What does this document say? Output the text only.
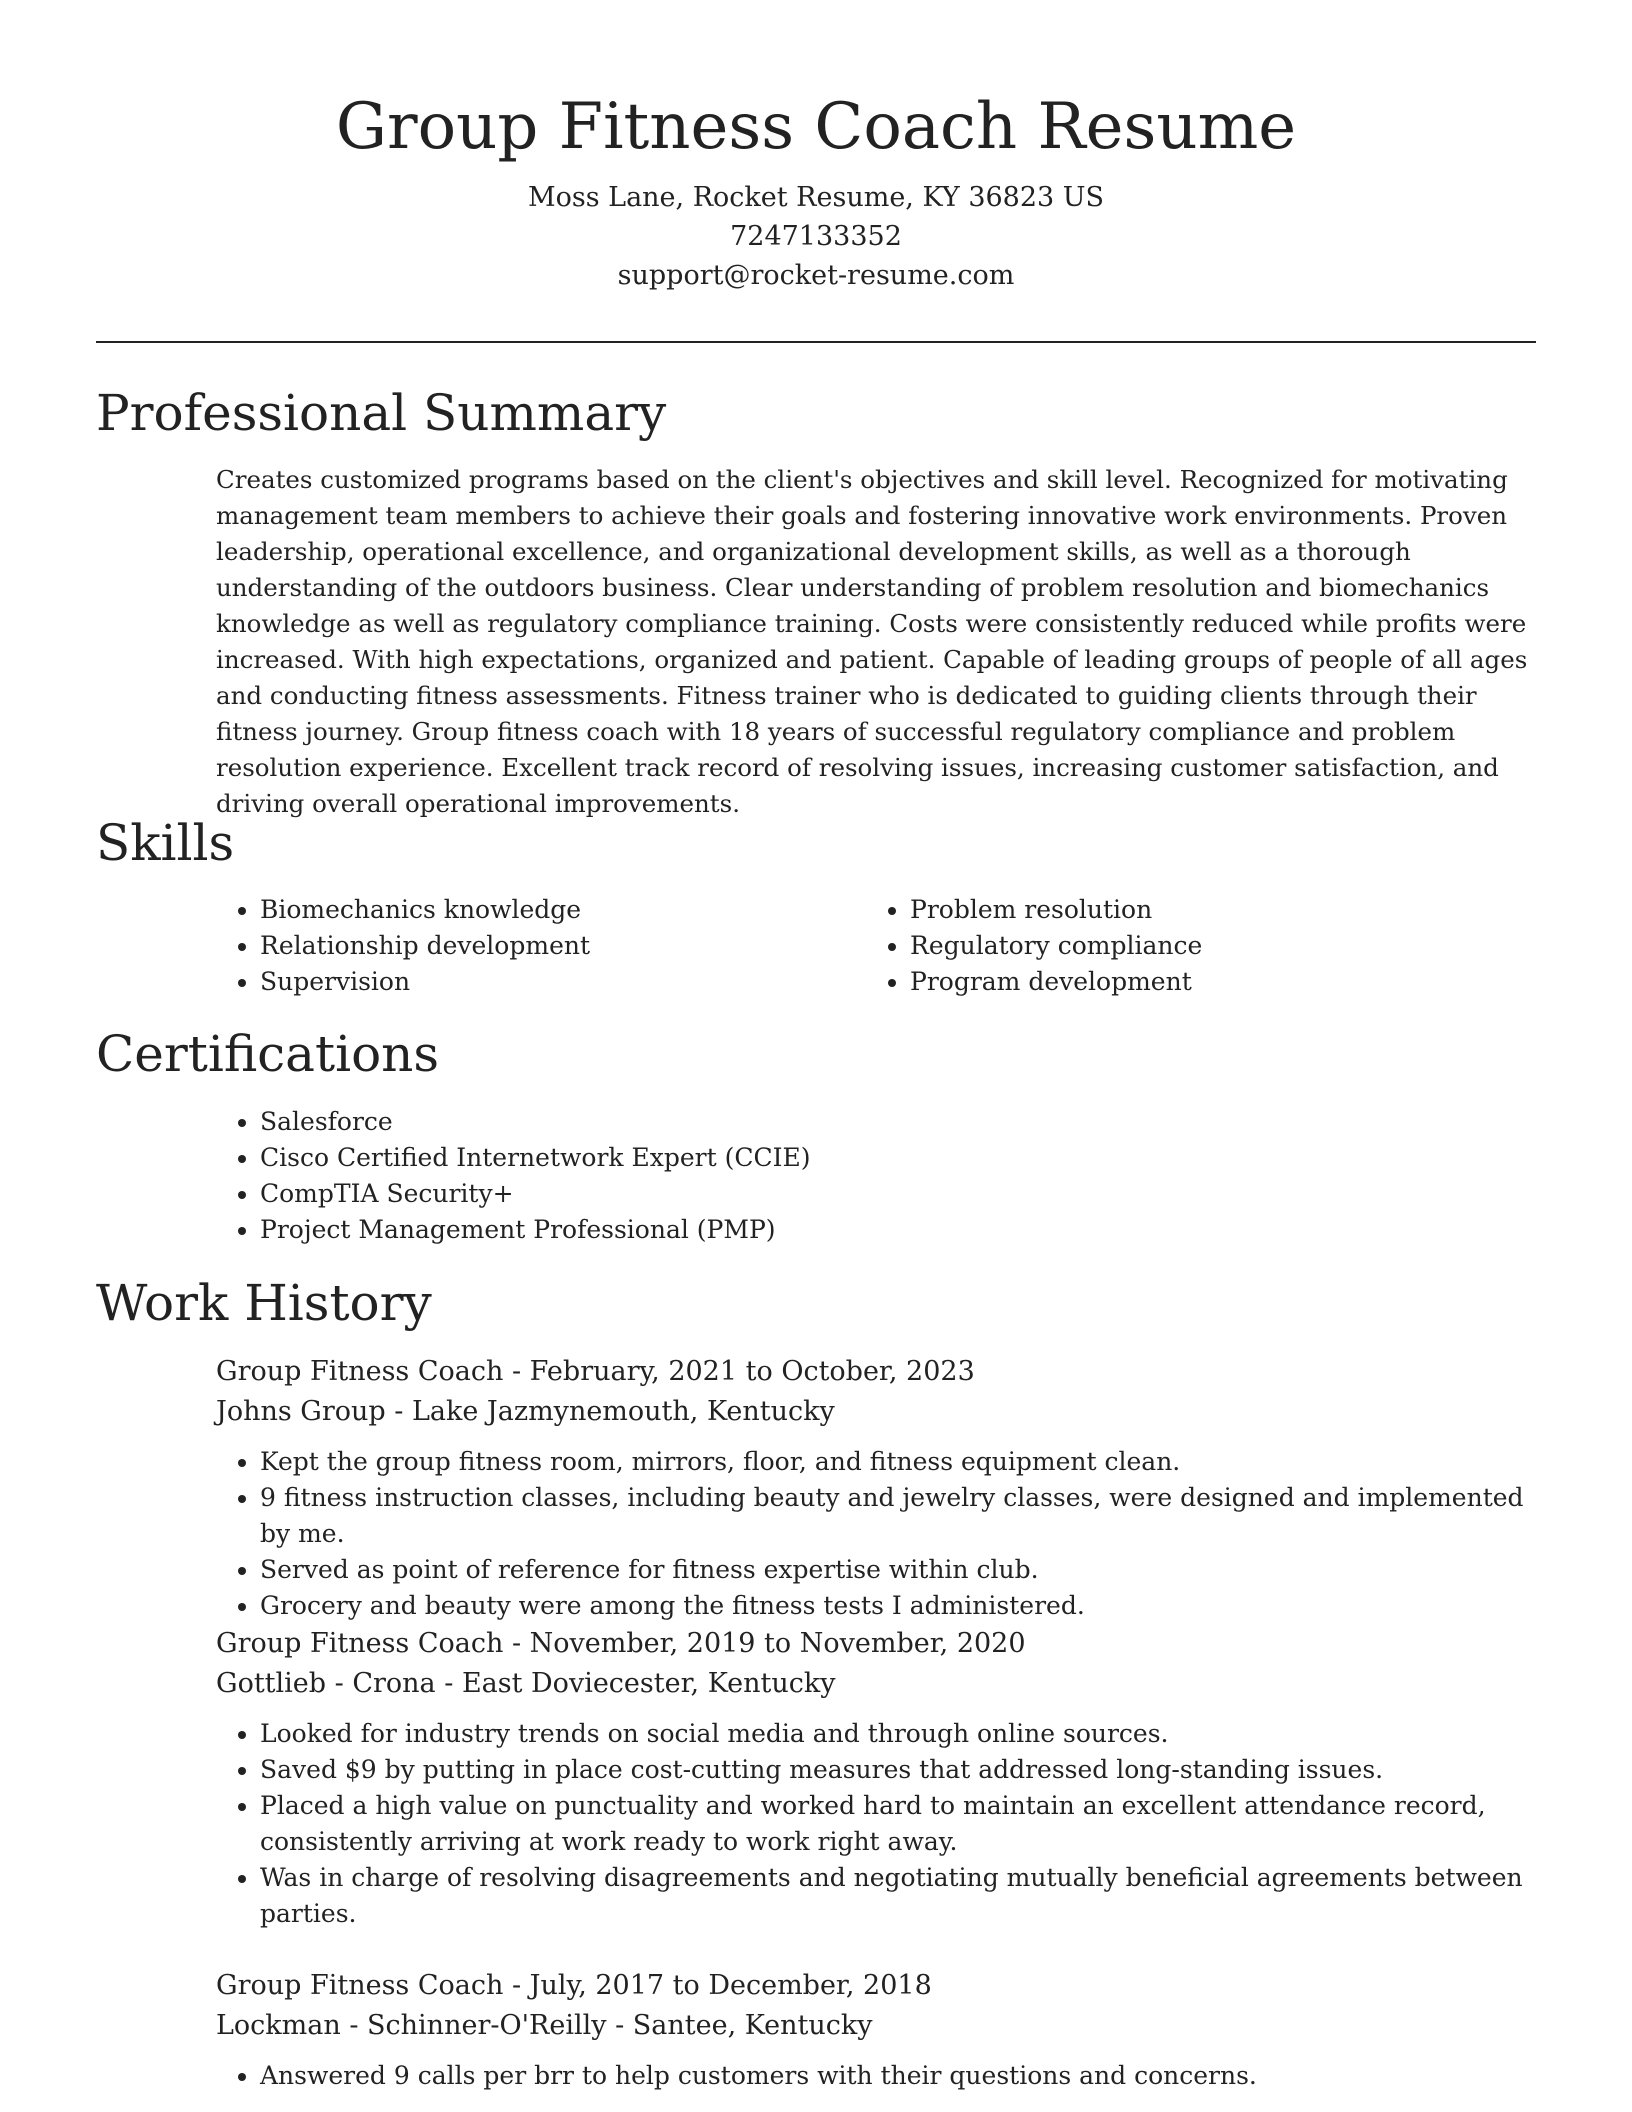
Group Fitness Coach Resume
Moss Lane, Rocket Resume, KY 36823 US
7247133352
support@rocket-resume.com
Professional Summary

Creates customized programs based on the client's objectives and skill level. Recognized for motivating management team members to achieve their goals and fostering innovative work environments. Proven leadership, operational excellence, and organizational development skills, as well as a thorough understanding of the outdoors business. Clear understanding of problem resolution and biomechanics knowledge as well as regulatory compliance training. Costs were consistently reduced while profits were increased. With high expectations, organized and patient. Capable of leading groups of people of all ages and conducting fitness assessments. Fitness trainer who is dedicated to guiding clients through their fitness journey. Group fitness coach with 18 years of successful regulatory compliance and problem resolution experience. Excellent track record of resolving issues, increasing customer satisfaction, and driving overall operational improvements.

Skills
• Biomechanics knowledge
• Relationship development
• Supervision
• Problem resolution
• Regulatory compliance
• Program development
Certifications
• Salesforce
• Cisco Certified Internetwork Expert (CCIE)
• CompTIA Security+
• Project Management Professional (PMP)
Work History
Group Fitness Coach - February, 2021 to October, 2023
Johns Group - Lake Jazmynemouth, Kentucky
• Kept the group fitness room, mirrors, floor, and fitness equipment clean.
• 9 fitness instruction classes, including beauty and jewelry classes, were designed and implemented by me.
• Served as point of reference for fitness expertise within club.
• Grocery and beauty were among the fitness tests I administered.
Group Fitness Coach - November, 2019 to November, 2020
Gottlieb - Crona - East Doviecester, Kentucky
• Looked for industry trends on social media and through online sources.
• Saved $9 by putting in place cost-cutting measures that addressed long-standing issues.
• Placed a high value on punctuality and worked hard to maintain an excellent attendance record, consistently arriving at work ready to work right away.
• Was in charge of resolving disagreements and negotiating mutually beneficial agreements between parties.
Group Fitness Coach - July, 2017 to December, 2018
Lockman - Schinner-O'Reilly - Santee, Kentucky
• Answered 9 calls per brr to help customers with their questions and concerns.
